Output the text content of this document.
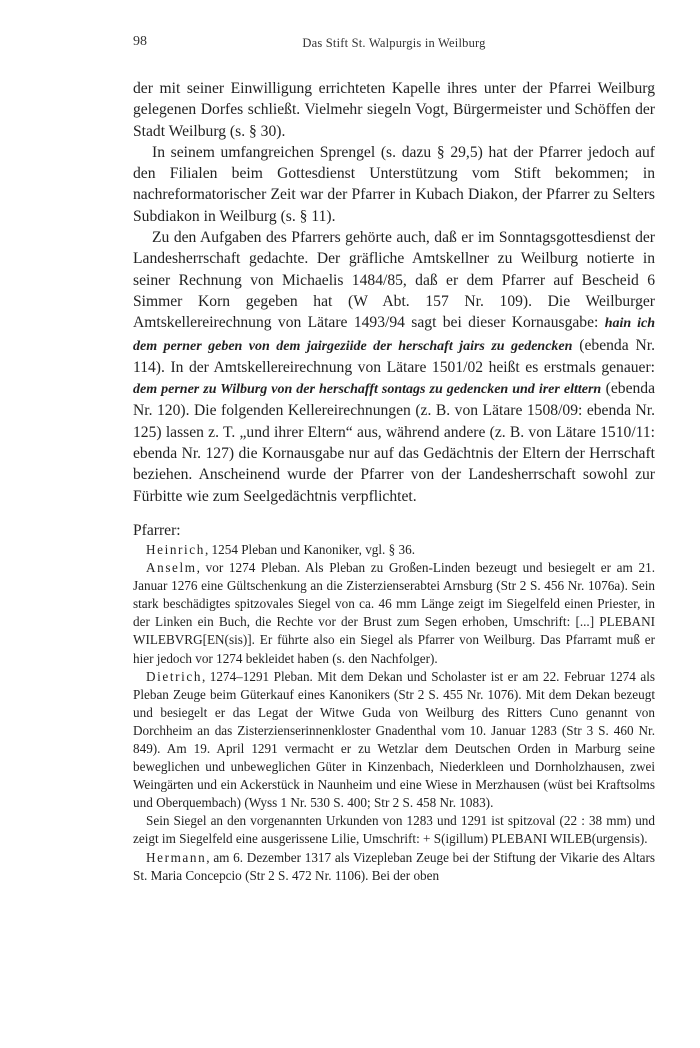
98	Das Stift St. Walpurgis in Weilburg

der mit seiner Einwilligung errichteten Kapelle ihres unter der Pfarrei Weilburg gelegenen Dorfes schließt. Vielmehr siegeln Vogt, Bürgermeister und Schöffen der Stadt Weilburg (s. § 30).

In seinem umfangreichen Sprengel (s. dazu § 29,5) hat der Pfarrer jedoch auf den Filialen beim Gottesdienst Unterstützung vom Stift bekommen; in nachreformatorischer Zeit war der Pfarrer in Kubach Diakon, der Pfarrer zu Selters Subdiakon in Weilburg (s. § 11).

Zu den Aufgaben des Pfarrers gehörte auch, daß er im Sonntagsgottesdienst der Landesherrschaft gedachte. Der gräfliche Amtskellner zu Weilburg notierte in seiner Rechnung von Michaelis 1484/85, daß er dem Pfarrer auf Bescheid 6 Simmer Korn gegeben hat (W Abt. 157 Nr. 109). Die Weilburger Amtskellereirechnung von Lätare 1493/94 sagt bei dieser Kornausgabe: hain ich dem perner geben von dem jairgeziide der herschaft jairs zu gedencken (ebenda Nr. 114). In der Amtskellereirechnung von Lätare 1501/02 heißt es erstmals genauer: dem perner zu Wilburg von der herschafft sontags zu gedencken und irer elttern (ebenda Nr. 120). Die folgenden Kellereirechnungen (z. B. von Lätare 1508/09: ebenda Nr. 125) lassen z. T. „und ihrer Eltern“ aus, während andere (z. B. von Lätare 1510/11: ebenda Nr. 127) die Kornausgabe nur auf das Gedächtnis der Eltern der Herrschaft beziehen. Anscheinend wurde der Pfarrer von der Landesherrschaft sowohl zur Fürbitte wie zum Seelgedächtnis verpflichtet.

Pfarrer:

Heinrich, 1254 Pleban und Kanoniker, vgl. § 36.

Anselm, vor 1274 Pleban. Als Pleban zu Großen-Linden bezeugt und besiegelt er am 21. Januar 1276 eine Gültschenkung an die Zisterzienserabtei Arnsburg (Str 2 S. 456 Nr. 1076a). Sein stark beschädigtes spitzovales Siegel von ca. 46 mm Länge zeigt im Siegelfeld einen Priester, in der Linken ein Buch, die Rechte vor der Brust zum Segen erhoben, Umschrift: [...] PLEBANI WILEBVRG[EN(sis)]. Er führte also ein Siegel als Pfarrer von Weilburg. Das Pfarramt muß er hier jedoch vor 1274 bekleidet haben (s. den Nachfolger).

Dietrich, 1274–1291 Pleban. Mit dem Dekan und Scholaster ist er am 22. Februar 1274 als Pleban Zeuge beim Güterkauf eines Kanonikers (Str 2 S. 455 Nr. 1076). Mit dem Dekan bezeugt und besiegelt er das Legat der Witwe Guda von Weilburg des Ritters Cuno genannt von Dorchheim an das Zisterzienserinnenkloster Gnadenthal vom 10. Januar 1283 (Str 3 S. 460 Nr. 849). Am 19. April 1291 vermacht er zu Wetzlar dem Deutschen Orden in Marburg seine beweglichen und unbeweglichen Güter in Kinzenbach, Niederkleen und Dornholzhausen, zwei Weingärten und ein Ackerstück in Naunheim und eine Wiese in Merzhausen (wüst bei Kraftsolms und Oberquembach) (Wyss 1 Nr. 530 S. 400; Str 2 S. 458 Nr. 1083).

Sein Siegel an den vorgenannten Urkunden von 1283 und 1291 ist spitzoval (22 : 38 mm) und zeigt im Siegelfeld eine ausgerissene Lilie, Umschrift: + S(igillum) PLEBANI WILEB(urgensis).

Hermann, am 6. Dezember 1317 als Vizepleban Zeuge bei der Stiftung der Vikarie des Altars St. Maria Concepcio (Str 2 S. 472 Nr. 1106). Bei der oben
